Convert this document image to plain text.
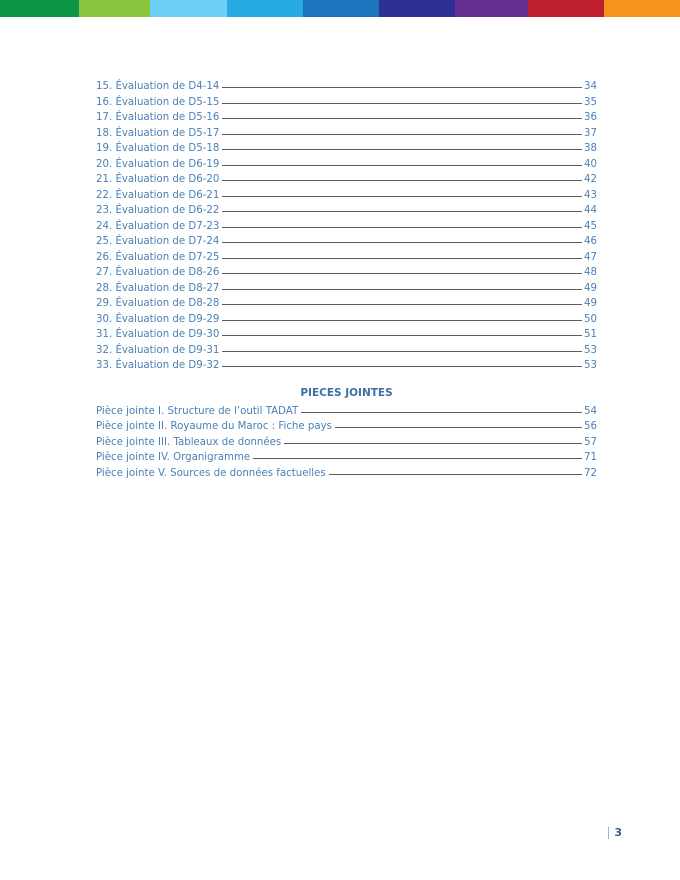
15. Évaluation de D4-14	34
16. Évaluation de D5-15	35
17. Évaluation de D5-16	36
18. Évaluation de D5-17	37
19. Évaluation de D5-18	38
20. Évaluation de D6-19	40
21. Évaluation de D6-20	42
22. Évaluation de D6-21	43
23. Évaluation de D6-22	44
24. Évaluation de D7-23	45
25. Évaluation de D7-24	46
26. Évaluation de D7-25	47
27. Évaluation de D8-26	48
28. Évaluation de D8-27	49
29. Évaluation de D8-28	49
30. Évaluation de D9-29	50
31. Évaluation de D9-30	51
32. Évaluation de D9-31	53
33. Évaluation de D9-32	53
PIECES JOINTES
Pièce jointe I. Structure de l’outil TADAT	54
Pièce jointe II. Royaume du Maroc : Fiche pays	56
Pièce jointe III. Tableaux de données	57
Pièce jointe IV. Organigramme	71
Pièce jointe V. Sources de données factuelles	72
3
